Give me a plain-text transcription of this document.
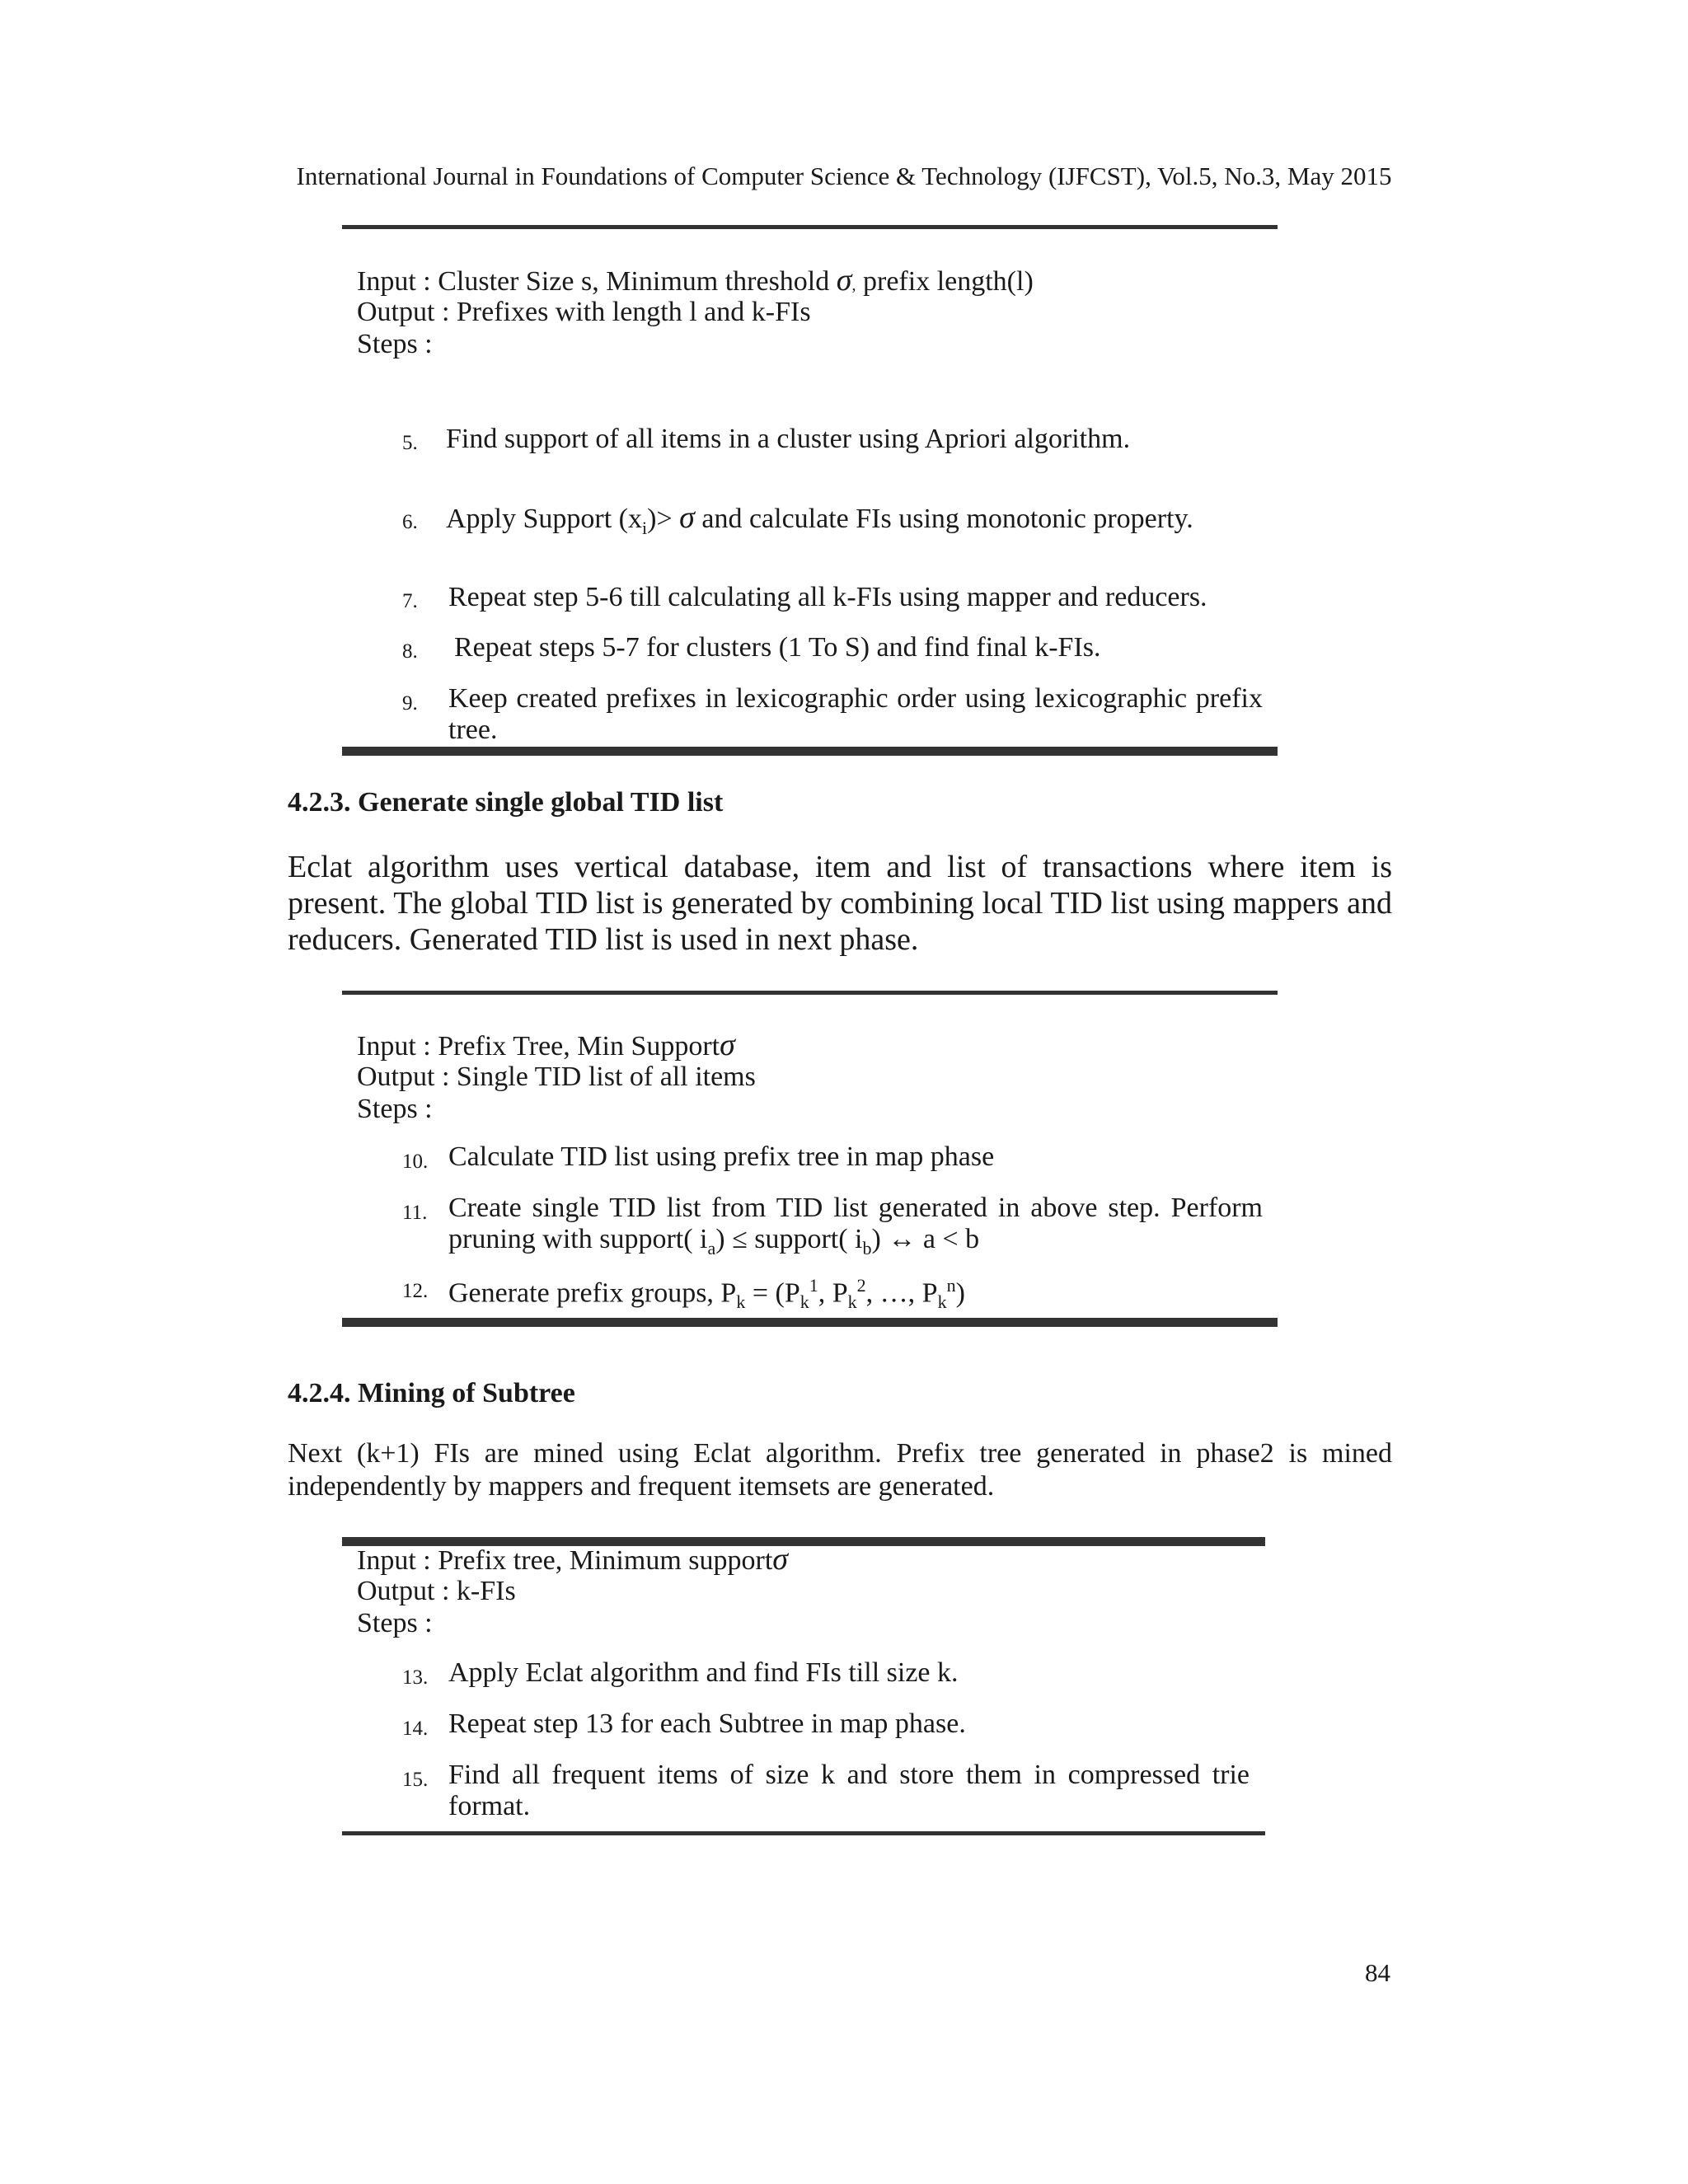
International Journal in Foundations of Computer Science & Technology (IJFCST), Vol.5, No.3, May 2015
Input : Cluster Size s, Minimum threshold σ, prefix length(l)
Output : Prefixes with length l and k-FIs
Steps :
5. Find support of all items in a cluster using Apriori algorithm.
6. Apply Support $(x_i)> \sigma$ and calculate FIs using monotonic property.
7. Repeat step 5-6 till calculating all k-FIs using mapper and reducers.
8. Repeat steps 5-7 for clusters (1 To S) and find final k-FIs.
9. Keep created prefixes in lexicographic order using lexicographic prefix tree.
4.2.3. Generate single global TID list
Eclat algorithm uses vertical database, item and list of transactions where item is present. The global TID list is generated by combining local TID list using mappers and reducers. Generated TID list is used in next phase.
Input : Prefix Tree, Min Supportσ
Output : Single TID list of all items
Steps :
10. Calculate TID list using prefix tree in map phase
11. Create single TID list from TID list generated in above step. Perform
pruning with support( $i_a$) ≤ support( $i_b$) ↔ a < b
12. Generate prefix groups, $P_k = (P_k^1$, $P_k^2$, …, $P_k^n$)
4.2.4. Mining of Subtree
Next (k+1) FIs are mined using Eclat algorithm. Prefix tree generated in phase2 is mined independently by mappers and frequent itemsets are generated.
Input : Prefix tree, Minimum supportσ
Output : k-FIs
Steps :
13. Apply Eclat algorithm and find FIs till size k.
14. Repeat step 13 for each Subtree in map phase.
15. Find all frequent items of size k and store them in compressed trie format.
84
